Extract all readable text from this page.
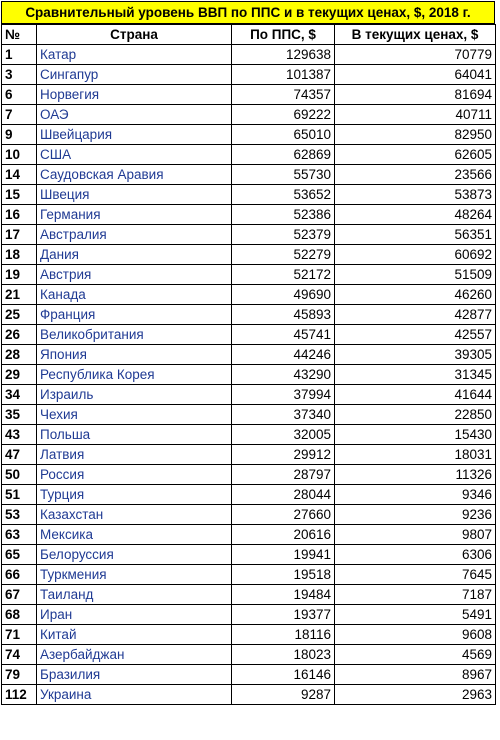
Сравнительный уровень ВВП по ППС и в текущих ценах, $, 2018 г.
№	Страна	По ППС, $	В текущих ценах, $
1	Катар	129638	70779
3	Сингапур	101387	64041
6	Норвегия	74357	81694
7	ОАЭ	69222	40711
9	Швейцария	65010	82950
10	США	62869	62605
14	Саудовская Аравия	55730	23566
15	Швеция	53652	53873
16	Германия	52386	48264
17	Австралия	52379	56351
18	Дания	52279	60692
19	Австрия	52172	51509
21	Канада	49690	46260
25	Франция	45893	42877
26	Великобритания	45741	42557
28	Япония	44246	39305
29	Республика Корея	43290	31345
34	Израиль	37994	41644
35	Чехия	37340	22850
43	Польша	32005	15430
47	Латвия	29912	18031
50	Россия	28797	11326
51	Турция	28044	9346
53	Казахстан	27660	9236
63	Мексика	20616	9807
65	Белоруссия	19941	6306
66	Туркмения	19518	7645
67	Таиланд	19484	7187
68	Иран	19377	5491
71	Китай	18116	9608
74	Азербайджан	18023	4569
79	Бразилия	16146	8967
112	Украина	9287	2963
